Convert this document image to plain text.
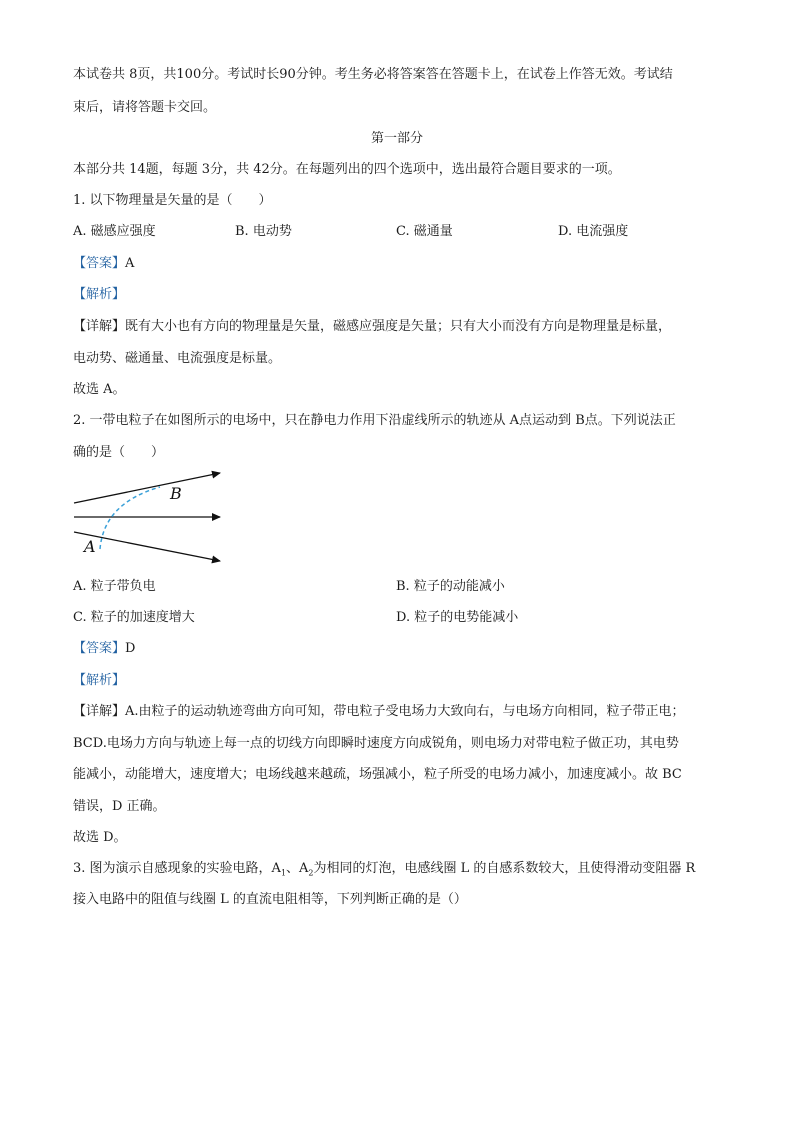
本试卷共 8页，共100分。考试时长90分钟。考生务必将答案答在答题卡上，在试卷上作答无效。考试结
束后，请将答题卡交回。
第一部分
本部分共 14题，每题 3分，共 42分。在每题列出的四个选项中，选出最符合题目要求的一项。
1. 以下物理量是矢量的是（　　）
A. 磁感应强度	B. 电动势	C. 磁通量	D. 电流强度
【答案】A
【解析】
【详解】既有大小也有方向的物理量是矢量，磁感应强度是矢量；只有大小而没有方向是物理量是标量，
电动势、磁通量、电流强度是标量。
故选 A。
2. 一带电粒子在如图所示的电场中，只在静电力作用下沿虚线所示的轨迹从 A点运动到 B点。下列说法正
确的是（　　）
B
A
A. 粒子带负电	B. 粒子的动能减小
C. 粒子的加速度增大	D. 粒子的电势能减小
【答案】D
【解析】
【详解】A.由粒子的运动轨迹弯曲方向可知，带电粒子受电场力大致向右，与电场方向相同，粒子带正电；
BCD.电场力方向与轨迹上每一点的切线方向即瞬时速度方向成锐角，则电场力对带电粒子做正功，其电势
能减小，动能增大，速度增大；电场线越来越疏，场强减小，粒子所受的电场力减小，加速度减小。故 BC
错误，D 正确。
故选 D。
3. 图为演示自感现象的实验电路，$A_1$、$A_2$为相同的灯泡，电感线圈 L 的自感系数较大，且使得滑动变阻器 R
接入电路中的阻值与线圈 L 的直流电阻相等，下列判断正确的是（）
